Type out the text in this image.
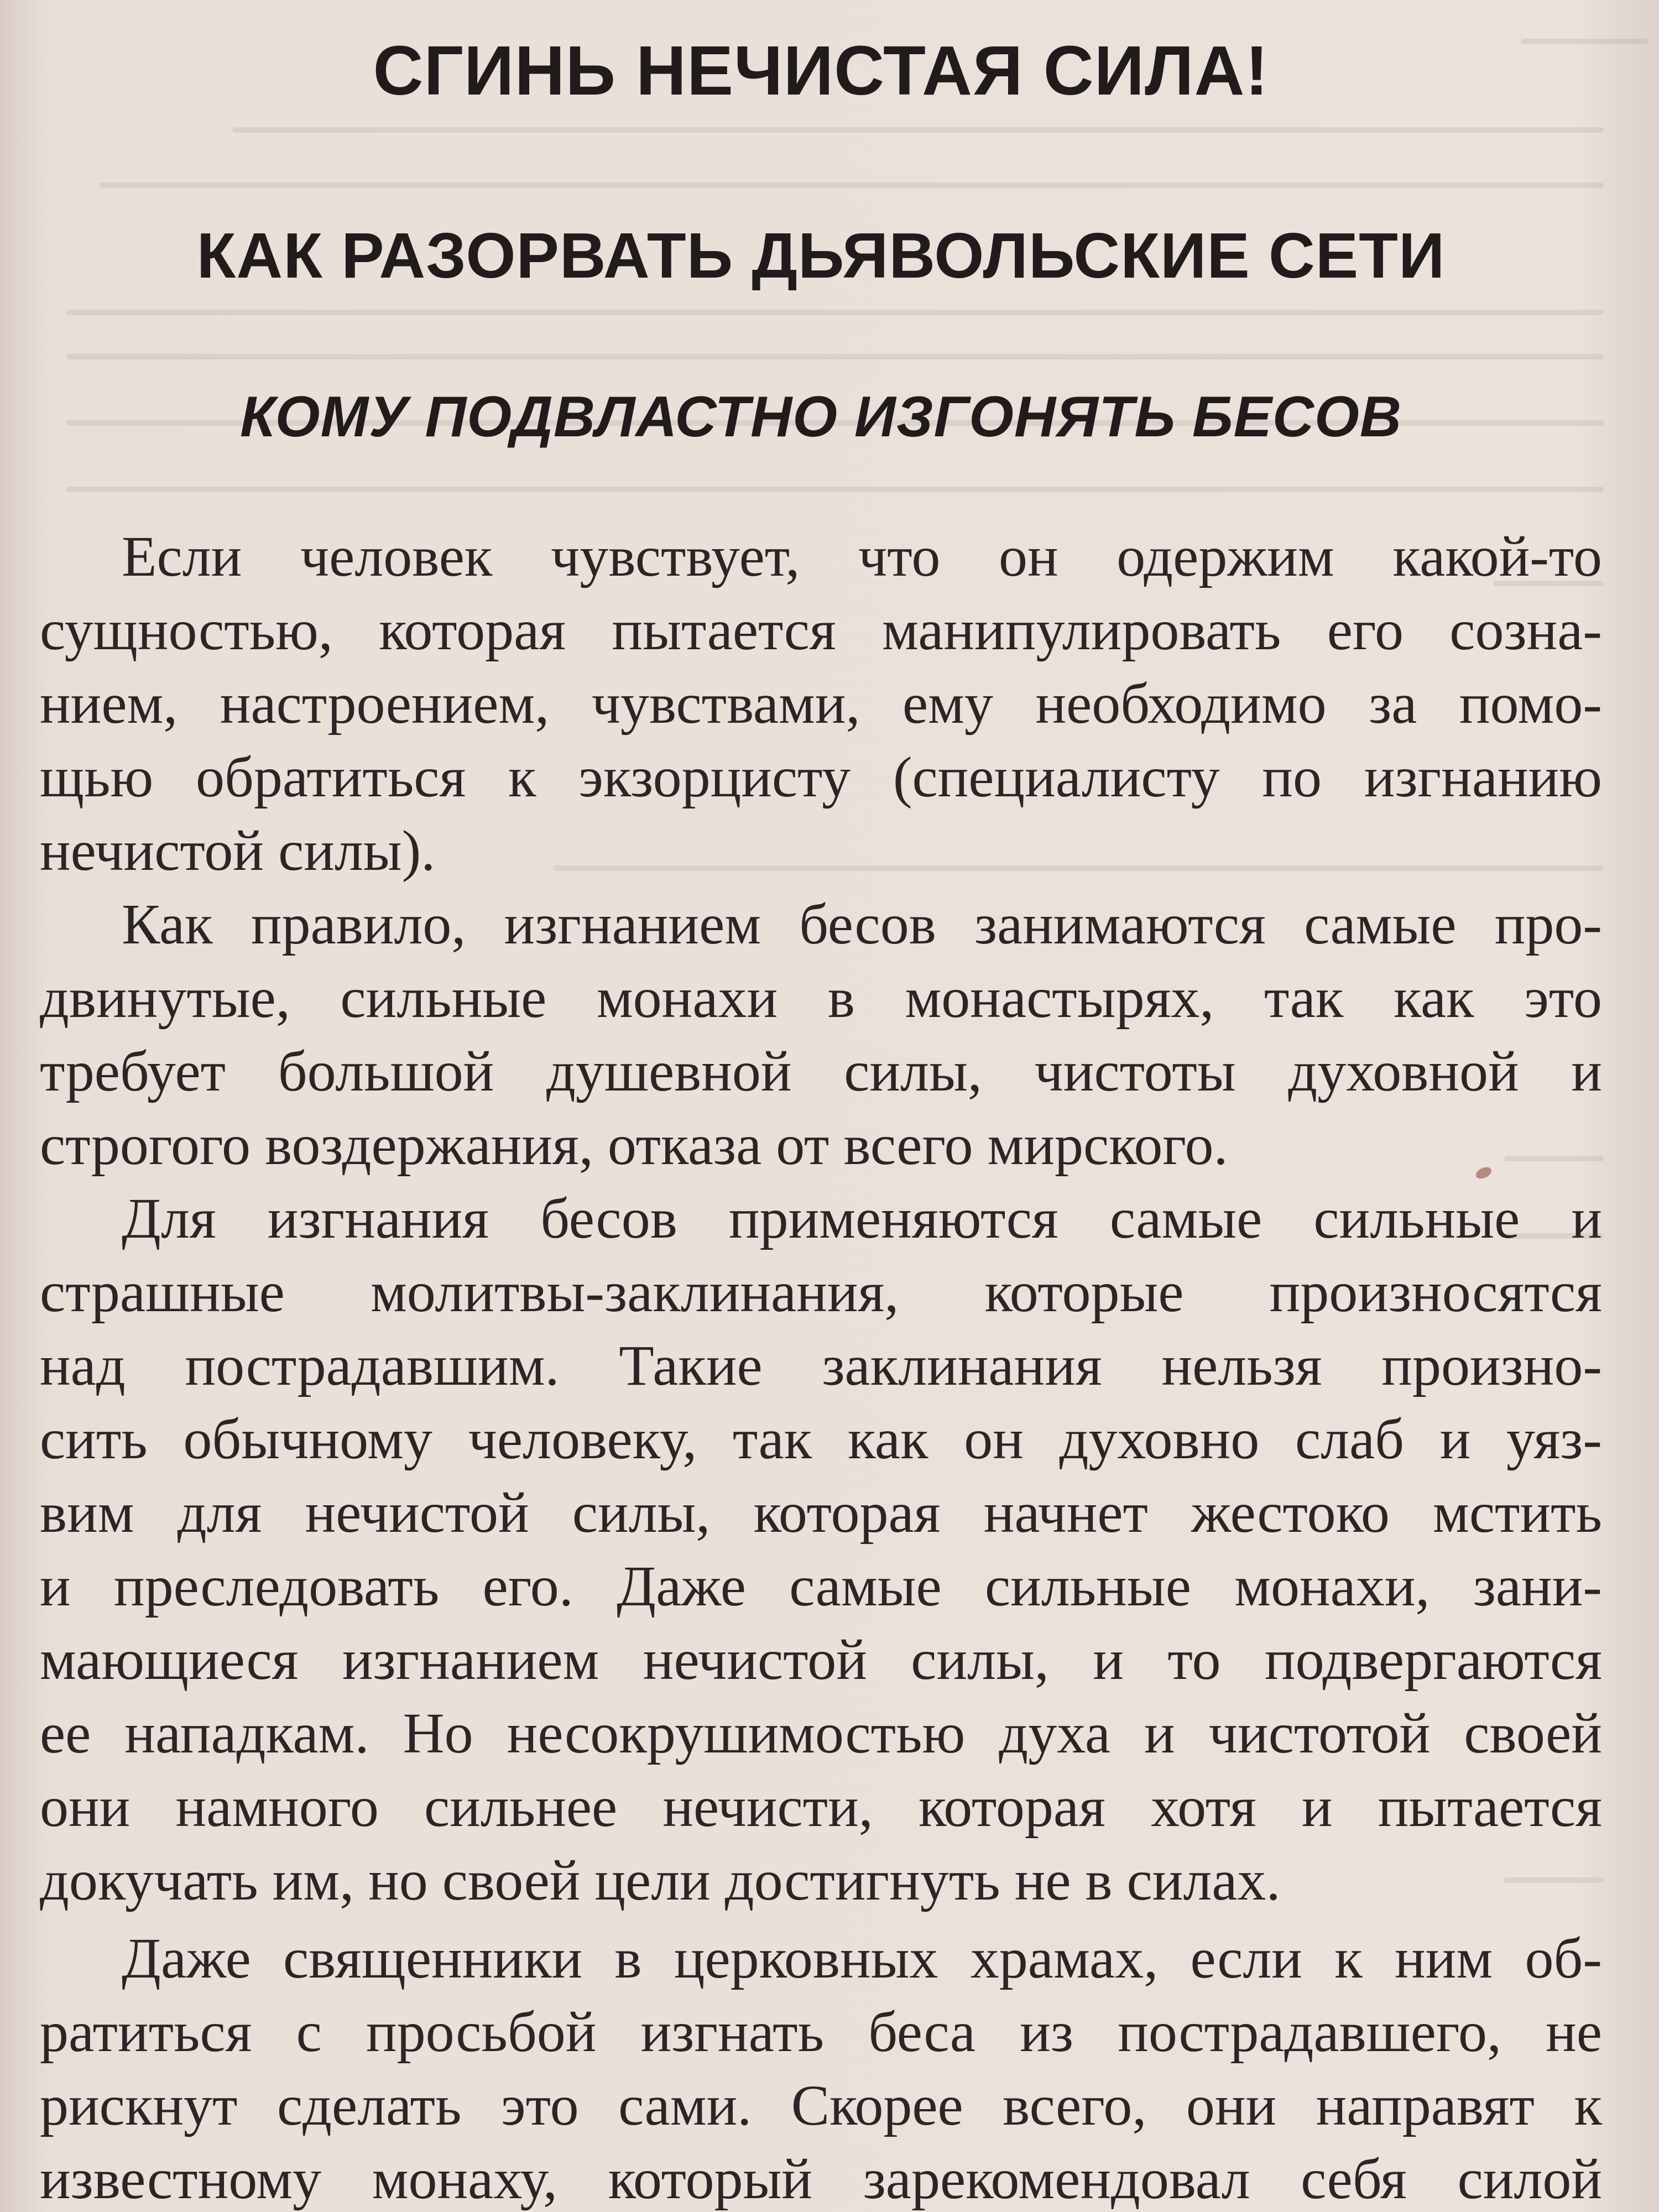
СГИНЬ НЕЧИСТАЯ СИЛА!
КАК РАЗОРВАТЬ ДЬЯВОЛЬСКИЕ СЕТИ
КОМУ ПОДВЛАСТНО ИЗГОНЯТЬ БЕСОВ
Если человек чувствует, что он одержим какой-то
сущностью, которая пытается манипулировать его созна-
нием, настроением, чувствами, ему необходимо за помо-
щью обратиться к экзорцисту (специалисту по изгнанию
нечистой силы).
Как правило, изгнанием бесов занимаются самые про-
двинутые, сильные монахи в монастырях, так как это
требует большой душевной силы, чистоты духовной и
строгого воздержания, отказа от всего мирского.
Для изгнания бесов применяются самые сильные и
страшные молитвы-заклинания, которые произносятся
над пострадавшим. Такие заклинания нельзя произно-
сить обычному человеку, так как он духовно слаб и уяз-
вим для нечистой силы, которая начнет жестоко мстить
и преследовать его. Даже самые сильные монахи, зани-
мающиеся изгнанием нечистой силы, и то подвергаются
ее нападкам. Но несокрушимостью духа и чистотой своей
они намного сильнее нечисти, которая хотя и пытается
докучать им, но своей цели достигнуть не в силах.
Даже священники в церковных храмах, если к ним об-
ратиться с просьбой изгнать беса из пострадавшего, не
рискнут сделать это сами. Скорее всего, они направят к
известному монаху, который зарекомендовал себя силой
